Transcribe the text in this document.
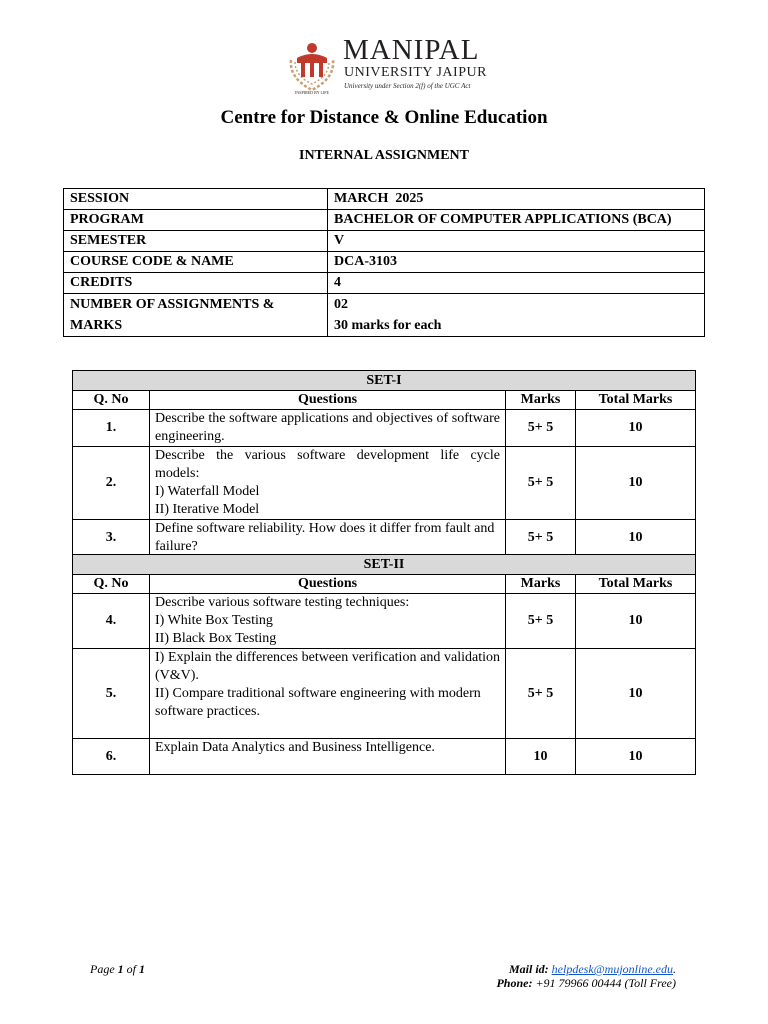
INSPIRED BY LIFE
MANIPAL
UNIVERSITY JAIPUR
University under Section 2(f) of the UGC Act
Centre for Distance & Online Education
INTERNAL ASSIGNMENT
SESSION	MARCH  2025
PROGRAM	BACHELOR OF COMPUTER APPLICATIONS (BCA)
SEMESTER	V
COURSE CODE & NAME	DCA-3103
CREDITS	4
NUMBER OF ASSIGNMENTS & MARKS	02
30 marks for each
SET-I			
Q. No	Questions	Marks	Total Marks
1.	Describe the software applications and objectives of software engineering.	5+ 5	10
2.	Describe the various software development life cycle models:
I) Waterfall Model
II) Iterative Model	5+ 5	10
3.	Define software reliability. How does it differ from fault and failure?	5+ 5	10
SET-II			
Q. No	Questions	Marks	Total Marks
4.	Describe various software testing techniques:
I) White Box Testing
II) Black Box Testing	5+ 5	10
5.	I) Explain the differences between verification and validation (V&V).
II) Compare traditional software engineering with modern software practices.	5+ 5	10
6.	Explain Data Analytics and Business Intelligence.	10	10
Page 1 of 1	Mail id: helpdesk@mujonline.edu.
Phone: +91 79966 00444 (Toll Free)
